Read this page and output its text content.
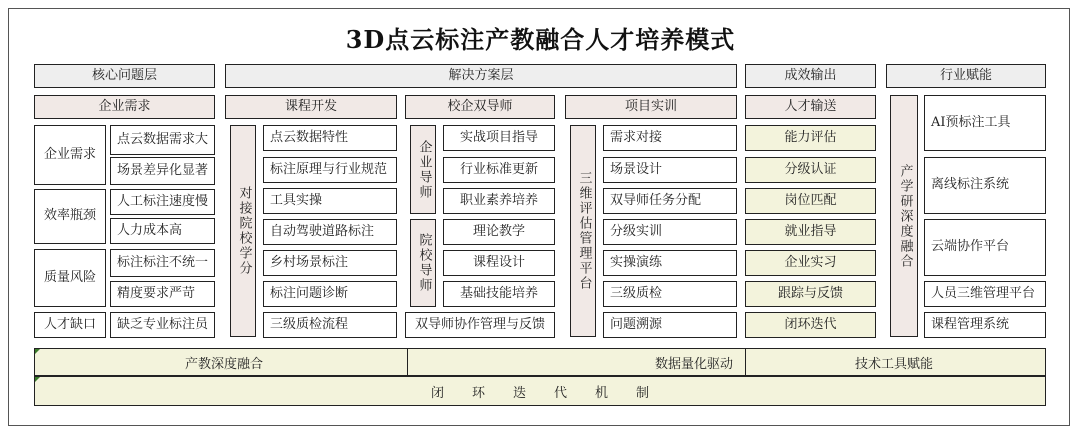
3D点云标注产教融合人才培养模式
核心问题层	解决方案层	成效输出	行业赋能
企业需求	课程开发	校企双导师	项目实训	人才输送
企业需求
点云数据需求大
场景差异化显著
效率瓶颈
人工标注速度慢
人力成本高
质量风险
标注标注不统一
精度要求严苛
人才缺口	缺乏专业标注员
对接院校学分
点云数据特性
标注原理与行业规范
工具实操
自动驾驶道路标注
乡村场景标注
标注问题诊断
三级质检流程
企业导师
实战项目指导
行业标准更新
职业素养培养
院校导师
理论教学
课程设计
基础技能培养
双导师协作管理与反馈
三维评估管理平台
需求对接
场景设计
双导师任务分配
分级实训
实操演练
三级质检
问题溯源
能力评估
分级认证
岗位匹配
就业指导
企业实习
跟踪与反馈
闭环迭代
产学研深度融合
AI预标注工具
离线标注系统
云端协作平台
人员三维管理平台
课程管理系统
产教深度融合	数据量化驱动	技术工具赋能
闭环迭代机制
